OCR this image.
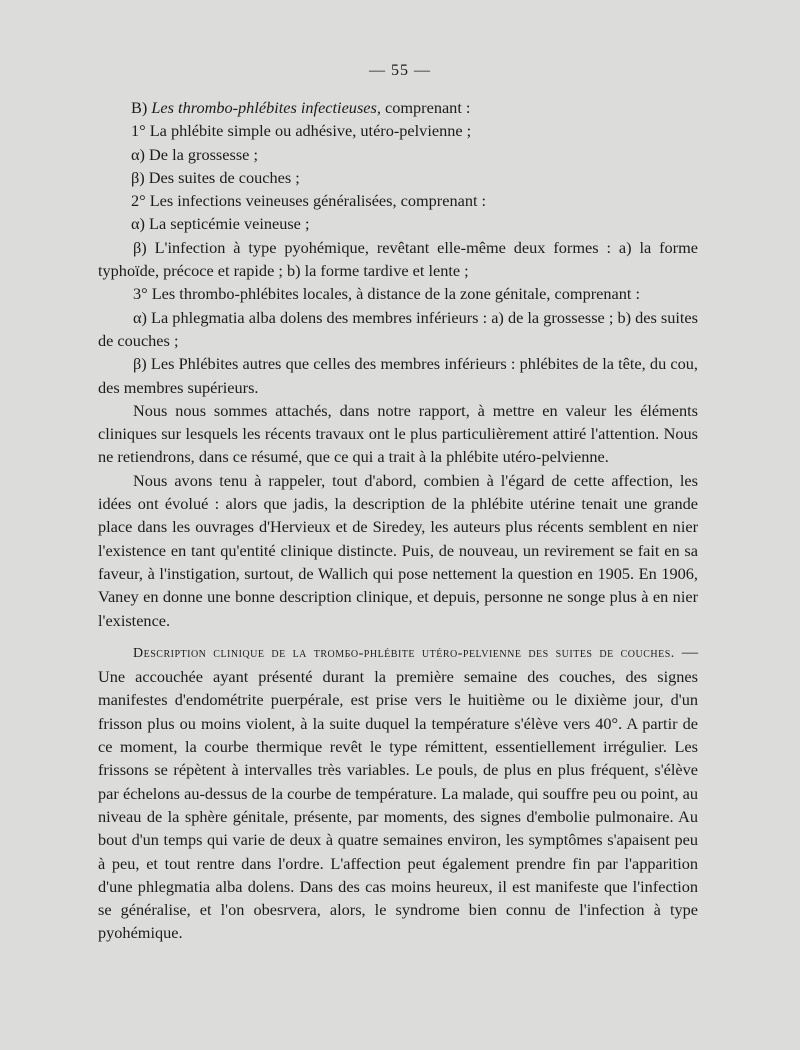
— 55 —

B) Les thrombo-phlébites infectieuses, comprenant :

1° La phlébite simple ou adhésive, utéro-pelvienne ;

α) De la grossesse ;

β) Des suites de couches ;

2° Les infections veineuses généralisées, comprenant :

α) La septicémie veineuse ;

β) L'infection à type pyohémique, revêtant elle-même deux formes : a) la forme typhoïde, précoce et rapide ; b) la forme tardive et lente ;

3° Les thrombo-phlébites locales, à distance de la zone génitale, comprenant :

α) La phlegmatia alba dolens des membres inférieurs : a) de la grossesse ; b) des suites de couches ;

β) Les Phlébites autres que celles des membres inférieurs : phlébites de la tête, du cou, des membres supérieurs.

Nous nous sommes attachés, dans notre rapport, à mettre en valeur les éléments cliniques sur lesquels les récents travaux ont le plus particulièrement attiré l'attention. Nous ne retiendrons, dans ce résumé, que ce qui a trait à la phlébite utéro-pelvienne.

Nous avons tenu à rappeler, tout d'abord, combien à l'égard de cette affection, les idées ont évolué : alors que jadis, la description de la phlébite utérine tenait une grande place dans les ouvrages d'Hervieux et de Siredey, les auteurs plus récents semblent en nier l'existence en tant qu'entité clinique distincte. Puis, de nouveau, un revirement se fait en sa faveur, à l'instigation, surtout, de Wallich qui pose nettement la question en 1905. En 1906, Vaney en donne une bonne description clinique, et depuis, personne ne songe plus à en nier l'existence.

Description clinique de la tromбo-phlébite utéro-pelvienne des suites de couches. — Une accouchée ayant présenté durant la première semaine des couches, des signes manifestes d'endométrite puerpérale, est prise vers le huitième ou le dixième jour, d'un frisson plus ou moins violent, à la suite duquel la température s'élève vers 40°. A partir de ce moment, la courbe thermique revêt le type rémittent, essentiellement irrégulier. Les frissons se répètent à intervalles très variables. Le pouls, de plus en plus fréquent, s'élève par échelons au-dessus de la courbe de température. La malade, qui souffre peu ou point, au niveau de la sphère génitale, présente, par moments, des signes d'embolie pulmonaire. Au bout d'un temps qui varie de deux à quatre semaines environ, les symptômes s'apaisent peu à peu, et tout rentre dans l'ordre. L'affection peut également prendre fin par l'apparition d'une phlegmatia alba dolens. Dans des cas moins heureux, il est manifeste que l'infection se généralise, et l'on obesrvera, alors, le syndrome bien connu de l'infection à type pyohémique.
